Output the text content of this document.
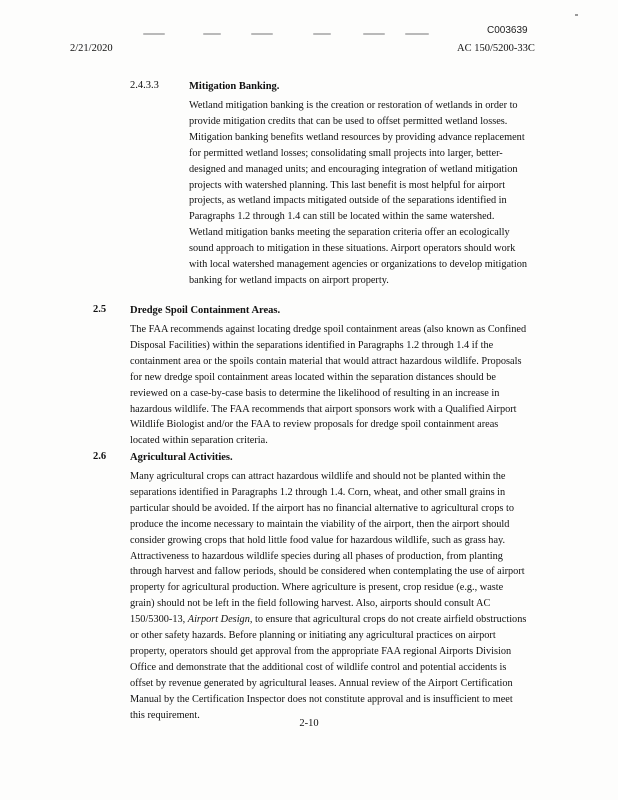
C003639
2/21/2020	AC 150/5200-33C
2.4.3.3	Mitigation Banking.

Wetland mitigation banking is the creation or restoration of wetlands in order to provide mitigation credits that can be used to offset permitted wetland losses. Mitigation banking benefits wetland resources by providing advance replacement for permitted wetland losses; consolidating small projects into larger, better-designed and managed units; and encouraging integration of wetland mitigation projects with watershed planning. This last benefit is most helpful for airport projects, as wetland impacts mitigated outside of the separations identified in Paragraphs 1.2 through 1.4 can still be located within the same watershed. Wetland mitigation banks meeting the separation criteria offer an ecologically sound approach to mitigation in these situations. Airport operators should work with local watershed management agencies or organizations to develop mitigation banking for wetland impacts on airport property.

2.5 Dredge Spoil Containment Areas.

The FAA recommends against locating dredge spoil containment areas (also known as Confined Disposal Facilities) within the separations identified in Paragraphs 1.2 through 1.4 if the containment area or the spoils contain material that would attract hazardous wildlife. Proposals for new dredge spoil containment areas located within the separation distances should be reviewed on a case-by-case basis to determine the likelihood of resulting in an increase in hazardous wildlife. The FAA recommends that airport sponsors work with a Qualified Airport Wildlife Biologist and/or the FAA to review proposals for dredge spoil containment areas located within separation criteria.

2.6 Agricultural Activities.

Many agricultural crops can attract hazardous wildlife and should not be planted within the separations identified in Paragraphs 1.2 through 1.4. Corn, wheat, and other small grains in particular should be avoided. If the airport has no financial alternative to agricultural crops to produce the income necessary to maintain the viability of the airport, then the airport should consider growing crops that hold little food value for hazardous wildlife, such as grass hay. Attractiveness to hazardous wildlife species during all phases of production, from planting through harvest and fallow periods, should be considered when contemplating the use of airport property for agricultural production. Where agriculture is present, crop residue (e.g., waste grain) should not be left in the field following harvest. Also, airports should consult AC 150/5300-13, Airport Design, to ensure that agricultural crops do not create airfield obstructions or other safety hazards. Before planning or initiating any agricultural practices on airport property, operators should get approval from the appropriate FAA regional Airports Division Office and demonstrate that the additional cost of wildlife control and potential accidents is offset by revenue generated by agricultural leases. Annual review of the Airport Certification Manual by the Certification Inspector does not constitute approval and is insufficient to meet this requirement.

2-10
